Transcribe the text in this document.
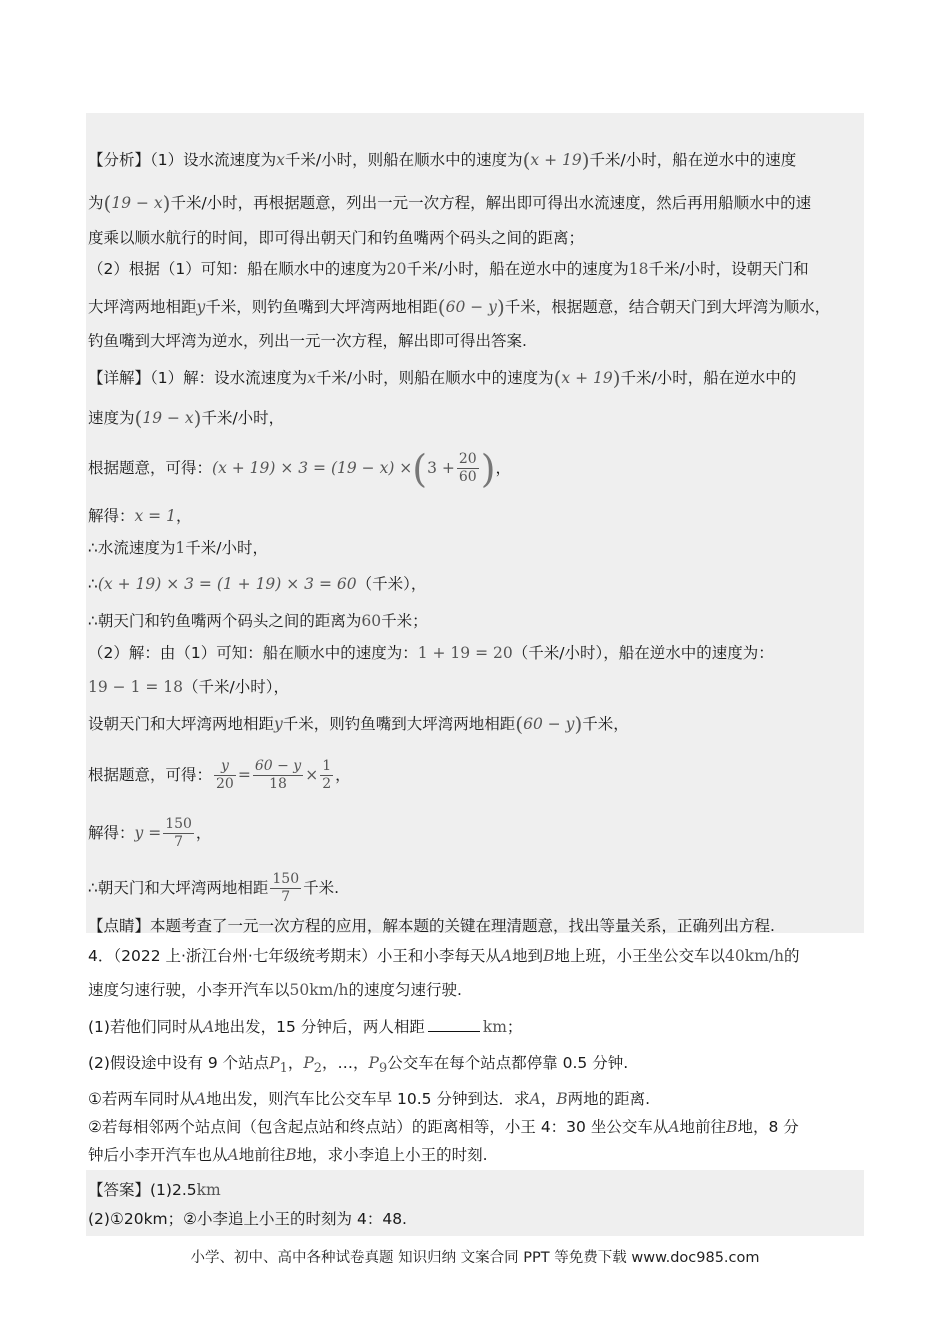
【分析】（1）设水流速度为x千米/小时，则船在顺水中的速度为(x + 19)千米/小时，船在逆水中的速度
为(19 − x)千米/小时，再根据题意，列出一元一次方程，解出即可得出水流速度，然后再用船顺水中的速
度乘以顺水航行的时间，即可得出朝天门和钓鱼嘴两个码头之间的距离；
（2）根据（1）可知：船在顺水中的速度为20千米/小时，船在逆水中的速度为18千米/小时，设朝天门和
大坪湾两地相距y千米，则钓鱼嘴到大坪湾两地相距(60 − y)千米，根据题意，结合朝天门到大坪湾为顺水，
钓鱼嘴到大坪湾为逆水，列出一元一次方程，解出即可得出答案.
【详解】（1）解：设水流速度为x千米/小时，则船在顺水中的速度为(x + 19)千米/小时，船在逆水中的
速度为(19 − x)千米/小时，
根据题意，可得：$(x + 19) \times 3 = (19 - x) \times(3 + \frac{20}{60}$ )，
解得：x = 1，
∴水流速度为1千米/小时，
∴(x + 19) × 3 = (1 + 19) × 3 = 60（千米），
∴朝天门和钓鱼嘴两个码头之间的距离为60千米；
（2）解：由（1）可知：船在顺水中的速度为：1 + 19 = 20（千米/小时），船在逆水中的速度为：
19 − 1 = 18（千米/小时），
设朝天门和大坪湾两地相距y千米，则钓鱼嘴到大坪湾两地相距(60 − y)千米，
根据题意，可得： $\frac{y}{20} = \frac{60 - y}{18} \times \frac{1}{2}$ ，
解得：$y = \frac{150}{7}$ ，
∴朝天门和大坪湾两地相距 $\frac{150}{7}$ 千米.
【点睛】本题考查了一元一次方程的应用，解本题的关键在理清题意，找出等量关系，正确列出方程.
4．（2022 上·浙江台州·七年级统考期末）小王和小李每天从A地到B地上班，小王坐公交车以40km/h的
速度匀速行驶，小李开汽车以50km/h的速度匀速行驶.
(1)若他们同时从A地出发，15 分钟后，两人相距	km；
(2)假设途中设有 9 个站点$P_1$，$P_2$，…，$P_9$公交车在每个站点都停靠 0.5 分钟.
①若两车同时从A地出发，则汽车比公交车早 10.5 分钟到达．求A，B两地的距离.
②若每相邻两个站点间（包含起点站和终点站）的距离相等，小王 4：30 坐公交车从A地前往B地，8 分
钟后小李开汽车也从A地前往B地，求小李追上小王的时刻.
【答案】(1)2.5km
(2)①20km；②小李追上小王的时刻为 4：48.
小学、初中、高中各种试卷真题 知识归纳 文案合同 PPT 等免费下载 www.doc985.com
